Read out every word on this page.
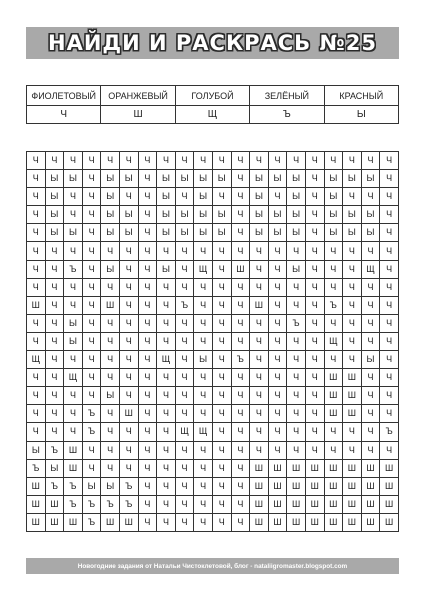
НАЙДИ И РАСКРАСЬ №25
ФИОЛЕТОВЫЙ	ОРАНЖЕВЫЙ	ГОЛУБОЙ	ЗЕЛЁНЫЙ	КРАСНЫЙ
Ч	Ш	Щ	Ъ	Ы
Ч	Ч	Ч	Ч	Ч	Ч	Ч	Ч	Ч	Ч	Ч	Ч	Ч	Ч	Ч	Ч	Ч	Ч	Ч	Ч
Ч	Ы	Ы	Ч	Ы	Ы	Ч	Ы	Ы	Ы	Ы	Ч	Ы	Ы	Ы	Ч	Ы	Ы	Ы	Ч
Ч	Ы	Ч	Ч	Ы	Ч	Ч	Ы	Ч	Ы	Ч	Ч	Ы	Ч	Ы	Ч	Ы	Ч	Ч	Ч
Ч	Ы	Ч	Ч	Ы	Ы	Ч	Ы	Ы	Ы	Ы	Ч	Ы	Ы	Ы	Ч	Ы	Ы	Ы	Ч
Ч	Ы	Ы	Ч	Ы	Ы	Ч	Ы	Ы	Ы	Ы	Ч	Ы	Ы	Ы	Ч	Ы	Ы	Ы	Ч
Ч	Ч	Ч	Ч	Ч	Ч	Ч	Ч	Ч	Ч	Ч	Ч	Ч	Ч	Ч	Ч	Ч	Ч	Ч	Ч
Ч	Ч	Ъ	Ч	Ы	Ч	Ч	Ы	Ч	Щ	Ч	Ш	Ч	Ч	Ы	Ч	Ч	Ч	Щ	Ч
Ч	Ч	Ч	Ч	Ч	Ч	Ч	Ч	Ч	Ч	Ч	Ч	Ч	Ч	Ч	Ч	Ч	Ч	Ч	Ч
Ш	Ч	Ч	Ч	Ш	Ч	Ч	Ч	Ъ	Ч	Ч	Ч	Ш	Ч	Ч	Ч	Ъ	Ч	Ч	Ч
Ч	Ч	Ы	Ч	Ч	Ч	Ч	Ч	Ч	Ч	Ч	Ч	Ч	Ч	Ъ	Ч	Ч	Ч	Ч	Ч
Ч	Ч	Ы	Ч	Ч	Ч	Ч	Ч	Ч	Ч	Ч	Ч	Ч	Ч	Ч	Ч	Щ	Ч	Ч	Ч
Щ	Ч	Ч	Ч	Ч	Ч	Ч	Щ	Ч	Ы	Ч	Ъ	Ч	Ч	Ч	Ч	Ч	Ч	Ы	Ч
Ч	Ч	Щ	Ч	Ч	Ч	Ч	Ч	Ч	Ч	Ч	Ч	Ч	Ч	Ч	Ч	Ш	Ш	Ч	Ч
Ч	Ч	Ч	Ч	Ы	Ч	Ч	Ч	Ч	Ч	Ч	Ч	Ч	Ч	Ч	Ч	Ш	Ш	Ч	Ч
Ч	Ч	Ч	Ъ	Ч	Ш	Ч	Ч	Ч	Ч	Ч	Ч	Ч	Ч	Ч	Ч	Ш	Ш	Ч	Ч
Ч	Ч	Ч	Ъ	Ч	Ч	Ч	Ч	Щ	Щ	Ч	Ч	Ч	Ч	Ч	Ч	Ч	Ч	Ч	Ъ
Ы	Ъ	Ш	Ч	Ч	Ч	Ч	Ч	Ч	Ч	Ч	Ч	Ч	Ч	Ч	Ч	Ч	Ч	Ч	Ч
Ъ	Ы	Ш	Ч	Ч	Ч	Ч	Ч	Ч	Ч	Ч	Ч	Ш	Ш	Ш	Ш	Ш	Ш	Ш	Ш
Ш	Ъ	Ъ	Ы	Ы	Ъ	Ч	Ч	Ч	Ч	Ч	Ч	Ш	Ш	Ш	Ш	Ш	Ш	Ш	Ш
Ш	Ш	Ъ	Ъ	Ъ	Ъ	Ч	Ч	Ч	Ч	Ч	Ч	Ш	Ш	Ш	Ш	Ш	Ш	Ш	Ш
Ш	Ш	Ш	Ъ	Ш	Ш	Ч	Ч	Ч	Ч	Ч	Ч	Ш	Ш	Ш	Ш	Ш	Ш	Ш	Ш
Новогодние задания от Натальи Чистоклетовой, блог - nataliigromaster.blogspot.com
